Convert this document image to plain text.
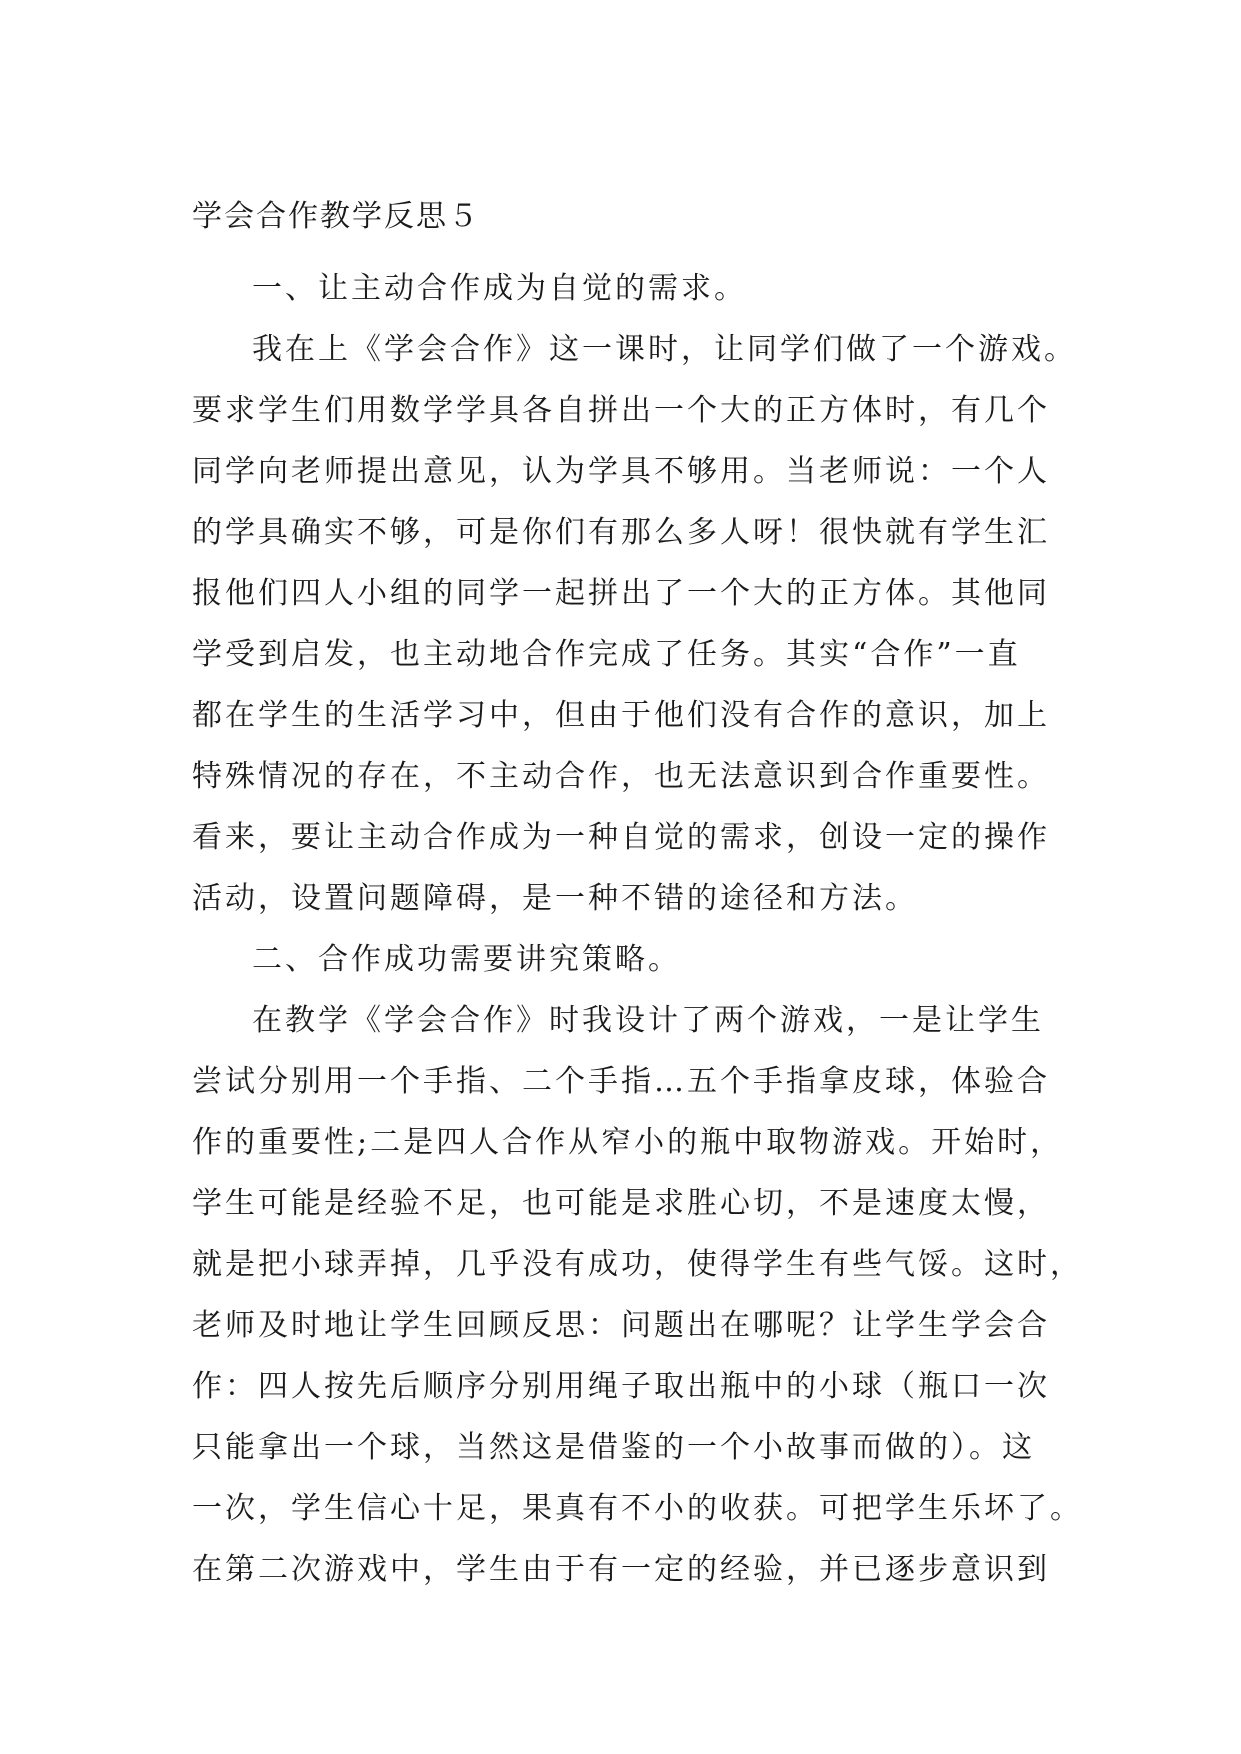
学会合作教学反思５
一、让主动合作成为自觉的需求。
我在上《学会合作》这一课时，让同学们做了一个游戏。
要求学生们用数学学具各自拼出一个大的正方体时，有几个
同学向老师提出意见，认为学具不够用。当老师说：一个人
的学具确实不够，可是你们有那么多人呀！很快就有学生汇
报他们四人小组的同学一起拼出了一个大的正方体。其他同
学受到启发，也主动地合作完成了任务。其实“合作”一直
都在学生的生活学习中，但由于他们没有合作的意识，加上
特殊情况的存在，不主动合作，也无法意识到合作重要性。
看来，要让主动合作成为一种自觉的需求，创设一定的操作
活动，设置问题障碍，是一种不错的途径和方法。
二、合作成功需要讲究策略。
在教学《学会合作》时我设计了两个游戏，一是让学生
尝试分别用一个手指、二个手指…五个手指拿皮球，体验合
作的重要性;二是四人合作从窄小的瓶中取物游戏。开始时，
学生可能是经验不足，也可能是求胜心切，不是速度太慢，
就是把小球弄掉，几乎没有成功，使得学生有些气馁。这时，
老师及时地让学生回顾反思：问题出在哪呢？让学生学会合
作：四人按先后顺序分别用绳子取出瓶中的小球（瓶口一次
只能拿出一个球，当然这是借鉴的一个小故事而做的）。这
一次，学生信心十足，果真有不小的收获。可把学生乐坏了。
在第二次游戏中，学生由于有一定的经验，并已逐步意识到
